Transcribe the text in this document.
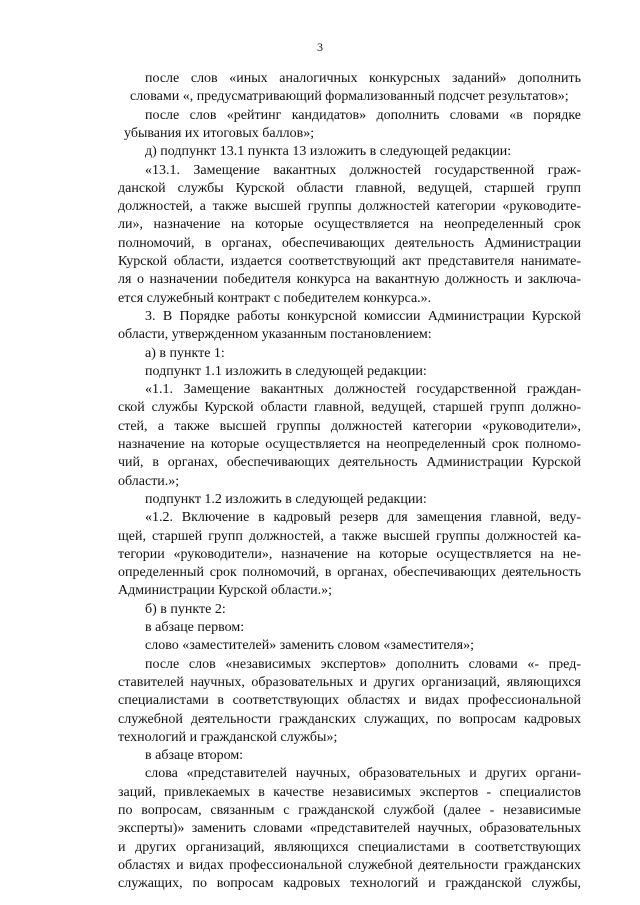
3
после слов «иных аналогичных конкурсных заданий» дополнить
словами «, предусматривающий формализованный подсчет результатов»;
после слов «рейтинг кандидатов» дополнить словами «в порядке
убывания их итоговых баллов»;
д) подпункт 13.1 пункта 13 изложить в следующей редакции:
«13.1. Замещение вакантных должностей государственной граж-
данской службы Курской области главной, ведущей, старшей групп
должностей, а также высшей группы должностей категории «руководите-
ли», назначение на которые осуществляется на неопределенный срок
полномочий, в органах, обеспечивающих деятельность Администрации
Курской области, издается соответствующий акт представителя нанимате-
ля о назначении победителя конкурса на вакантную должность и заключа-
ется служебный контракт с победителем конкурса.».
3. В Порядке работы конкурсной комиссии Администрации Курской
области, утвержденном указанным постановлением:
а) в пункте 1:
подпункт 1.1 изложить в следующей редакции:
«1.1. Замещение вакантных должностей государственной граждан-
ской службы Курской области главной, ведущей, старшей групп должно-
стей, а также высшей группы должностей категории «руководители»,
назначение на которые осуществляется на неопределенный срок полномо-
чий, в органах, обеспечивающих деятельность Администрации Курской
области.»;
подпункт 1.2 изложить в следующей редакции:
«1.2. Включение в кадровый резерв для замещения главной, веду-
щей, старшей групп должностей, а также высшей группы должностей ка-
тегории «руководители», назначение на которые осуществляется на не-
определенный срок полномочий, в органах, обеспечивающих деятельность
Администрации Курской области.»;
б) в пункте 2:
в абзаце первом:
слово «заместителей» заменить словом «заместителя»;
после слов «независимых экспертов» дополнить словами «- пред-
ставителей научных, образовательных и других организаций, являющихся
специалистами в соответствующих областях и видах профессиональной
служебной деятельности гражданских служащих, по вопросам кадровых
технологий и гражданской службы»;
в абзаце втором:
слова «представителей научных, образовательных и других органи-
заций, привлекаемых в качестве независимых экспертов - специалистов
по вопросам, связанным с гражданской службой (далее - независимые
эксперты)» заменить словами «представителей научных, образовательных
и других организаций, являющихся специалистами в соответствующих
областях и видах профессиональной служебной деятельности гражданских
служащих, по вопросам кадровых технологий и гражданской службы,
